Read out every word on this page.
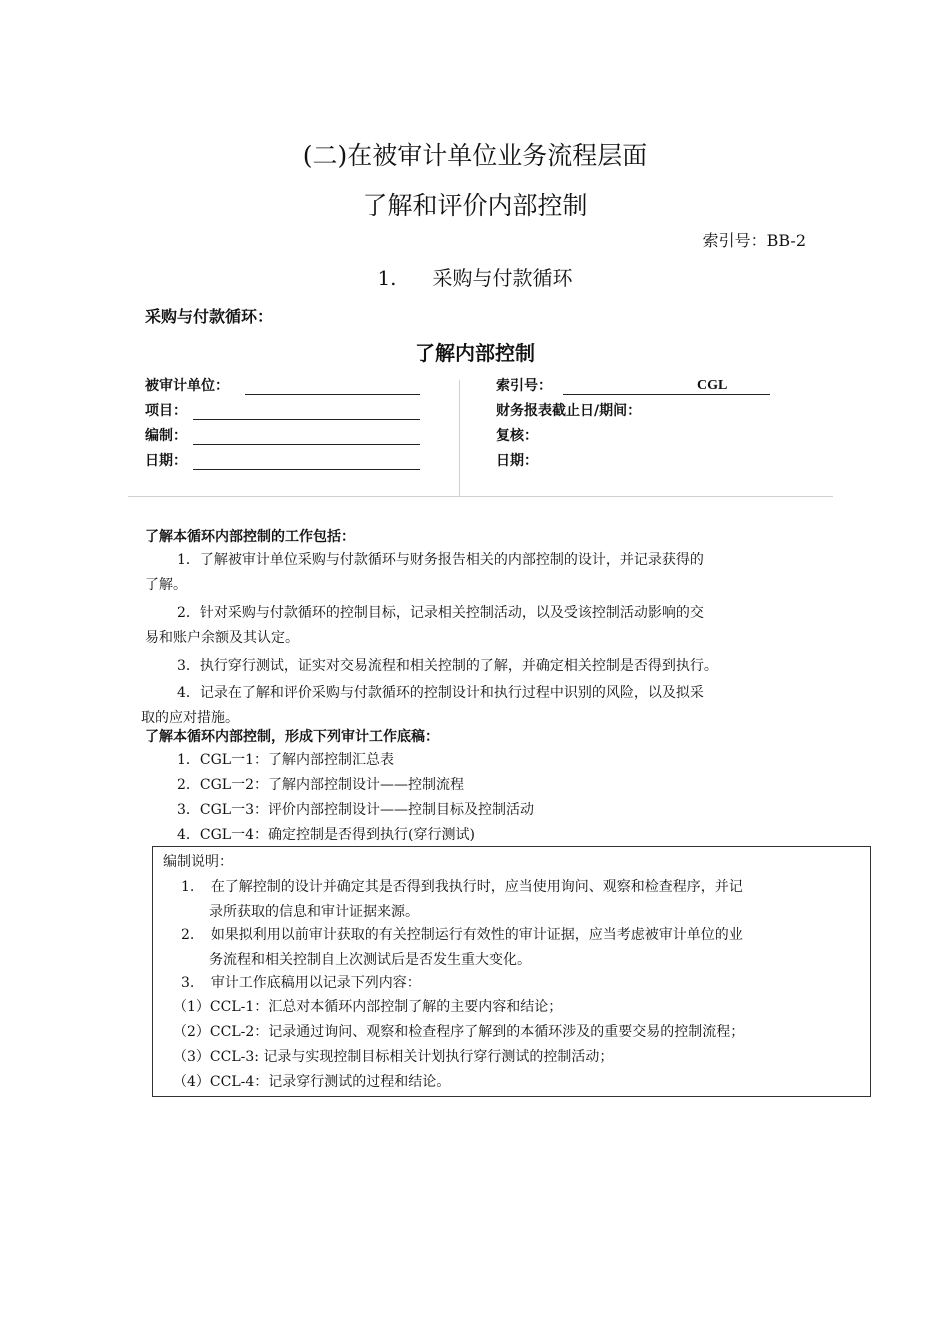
(二)在被审计单位业务流程层面
了解和评价内部控制
索引号：BB-2
1. 采购与付款循环
采购与付款循环：
了解内部控制
被审计单位：
项目：
编制：
日期：
索引号：	CGL
财务报表截止日/期间：
复核：
日期：
了解本循环内部控制的工作包括：
1．了解被审计单位采购与付款循环与财务报告相关的内部控制的设计，并记录获得的
了解。
2．针对采购与付款循环的控制目标，记录相关控制活动，以及受该控制活动影响的交
易和账户余额及其认定。
3．执行穿行测试，证实对交易流程和相关控制的了解，并确定相关控制是否得到执行。
4．记录在了解和评价采购与付款循环的控制设计和执行过程中识别的风险，以及拟采
取的应对措施。
了解本循环内部控制，形成下列审计工作底稿：
1．CGL一1：了解内部控制汇总表
2．CGL一2：了解内部控制设计——控制流程
3．CGL一3：评价内部控制设计——控制目标及控制活动
4．CGL一4：确定控制是否得到执行(穿行测试)
编制说明：
1. 在了解控制的设计并确定其是否得到我执行时，应当使用询问、观察和检查程序，并记
录所获取的信息和审计证据来源。
2. 如果拟利用以前审计获取的有关控制运行有效性的审计证据，应当考虑被审计单位的业
务流程和相关控制自上次测试后是否发生重大变化。
3. 审计工作底稿用以记录下列内容：
（1）CCL-1：汇总对本循环内部控制了解的主要内容和结论；
（2）CCL-2：记录通过询问、观察和检查程序了解到的本循环涉及的重要交易的控制流程；
（3）CCL-3: 记录与实现控制目标相关计划执行穿行测试的控制活动；
（4）CCL-4：记录穿行测试的过程和结论。
